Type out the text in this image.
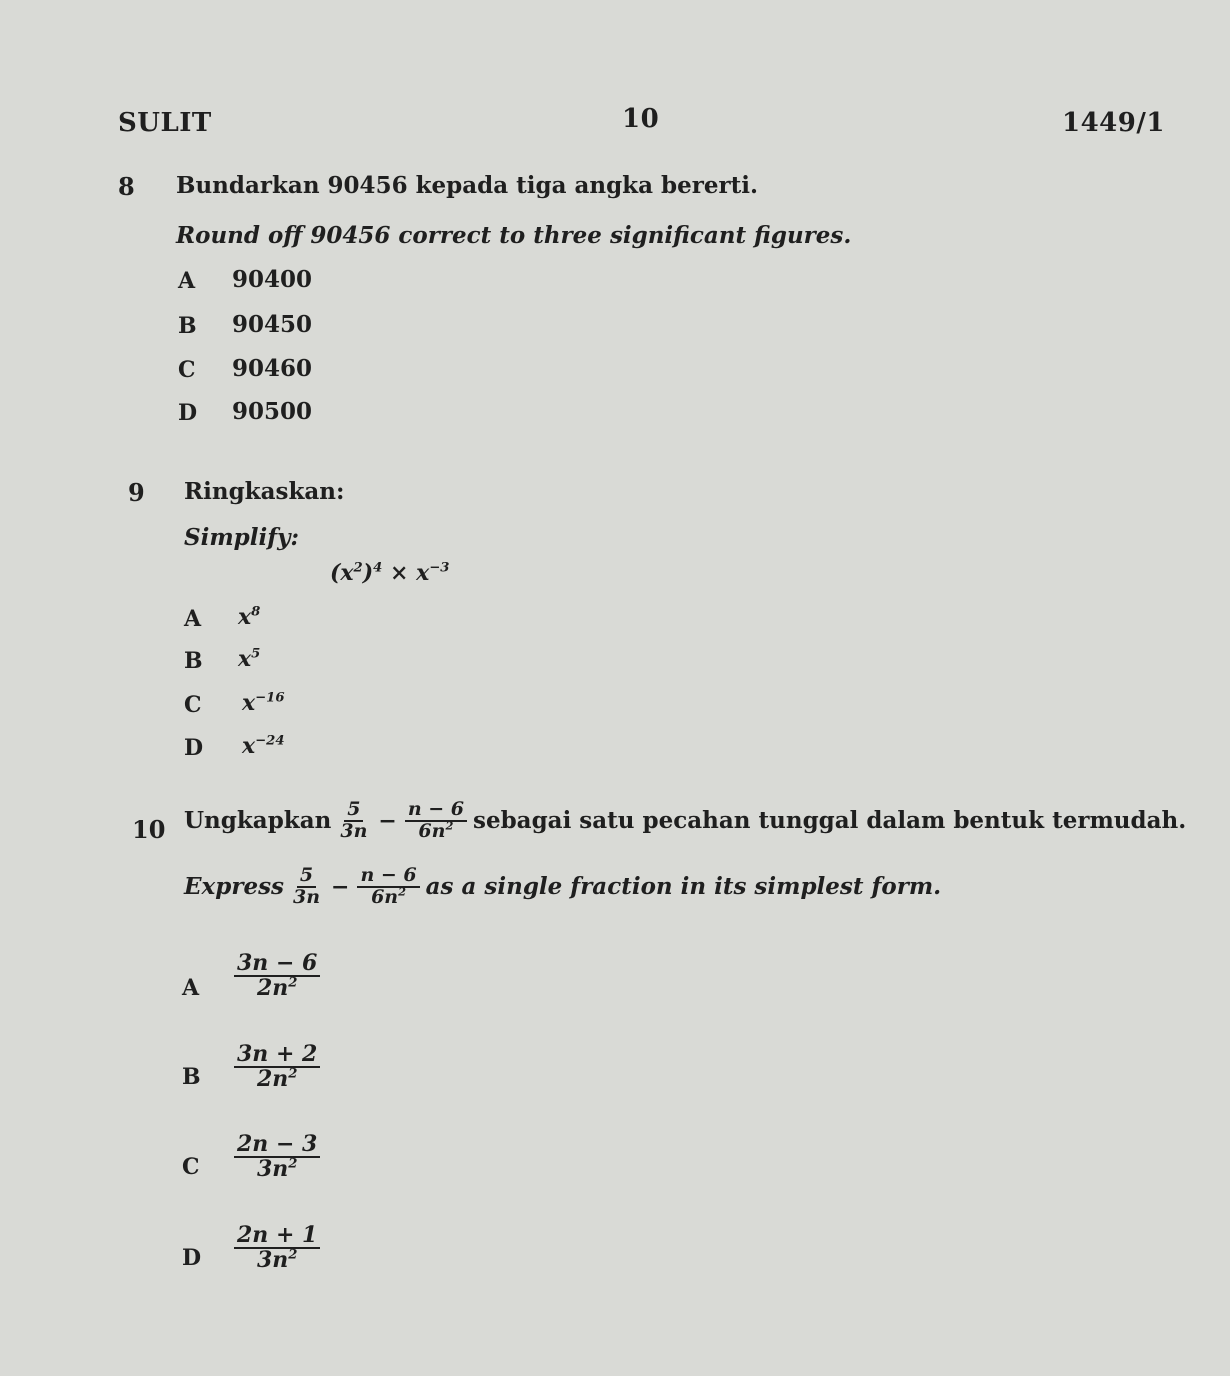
SULIT	10	1449/1
8 Bundarkan 90456 kepada tiga angka bererti.
Round off 90456 correct to three significant figures.
A 90400
B 90450
C 90460
D 90500
9 Ringkaskan:
Simplify:
$(x^2)^4 \times x^{-3}$
A $x^8$
B $x^5$
C $x^{-16}$
D $x^{-24}$
10 Ungkapkan $\frac{5}{3n} - \frac{n - 6}{6n^2}$ sebagai satu pecahan tunggal dalam bentuk termudah.
Express $\frac{5}{3n} - \frac{n - 6}{6n^2}$ as a single fraction in its simplest form.
A $\frac{3n - 6}{2n^2}$
B $\frac{3n + 2}{2n^2}$
C $\frac{2n - 3}{3n^2}$
D $\frac{2n + 1}{3n^2}$
